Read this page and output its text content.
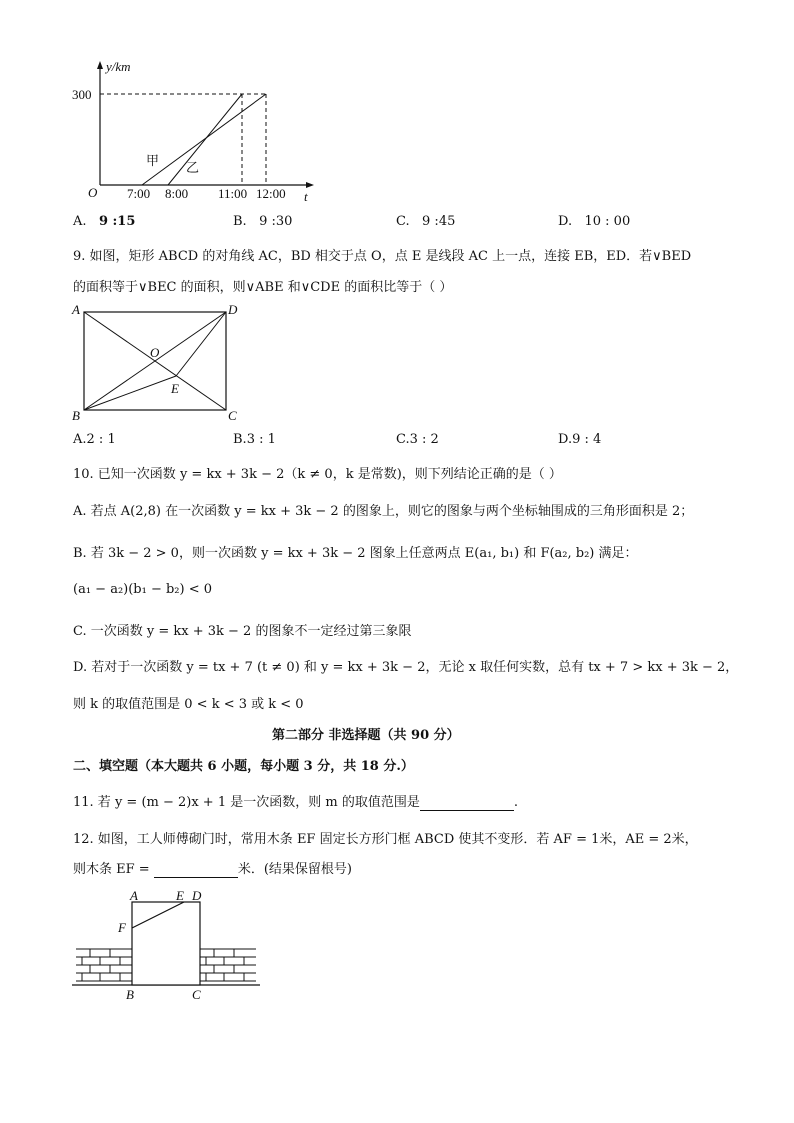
y/km
300
O	t
7:00 8:00 11:00 12:00
甲 乙
A. 9 :15	B. 9 :30	C. 9 :45	D. 10 : 00
9. 如图，矩形 ABCD 的对角线 AC，BD 相交于点 O，点 E 是线段 AC 上一点，连接 EB，ED．若∨BED
的面积等于∨BEC 的面积，则∨ABE 和∨CDE 的面积比等于（ ）
A	D
B	C
O
E
A.2 : 1	B.3 : 1	C.3 : 2	D.9 : 4
10. 已知一次函数 y = kx + 3k − 2（k ≠ 0，k 是常数)，则下列结论正确的是（ ）
A. 若点 A(2,8) 在一次函数 y = kx + 3k − 2 的图象上，则它的图象与两个坐标轴围成的三角形面积是 2；
B. 若 3k − 2 > 0，则一次函数 y = kx + 3k − 2 图象上任意两点 E(a₁, b₁) 和 F(a₂, b₂) 满足：
(a₁ − a₂)(b₁ − b₂) < 0
C. 一次函数 y = kx + 3k − 2 的图象不一定经过第三象限
D. 若对于一次函数 y = tx + 7 (t ≠ 0) 和 y = kx + 3k − 2，无论 x 取任何实数，总有 tx + 7 > kx + 3k − 2，
则 k 的取值范围是 0 < k < 3 或 k < 0
第二部分 非选择题（共 90 分）
二、填空题（本大题共 6 小题，每小题 3 分，共 18 分.）
11. 若 y = (m − 2)x + 1 是一次函数，则 m 的取值范围是	.
12. 如图，工人师傅砌门时，常用木条 EF 固定长方形门框 ABCD 使其不变形．若 AF = 1米，AE = 2米，
则木条 EF =	米．(结果保留根号)
A	E D
F
B	C
